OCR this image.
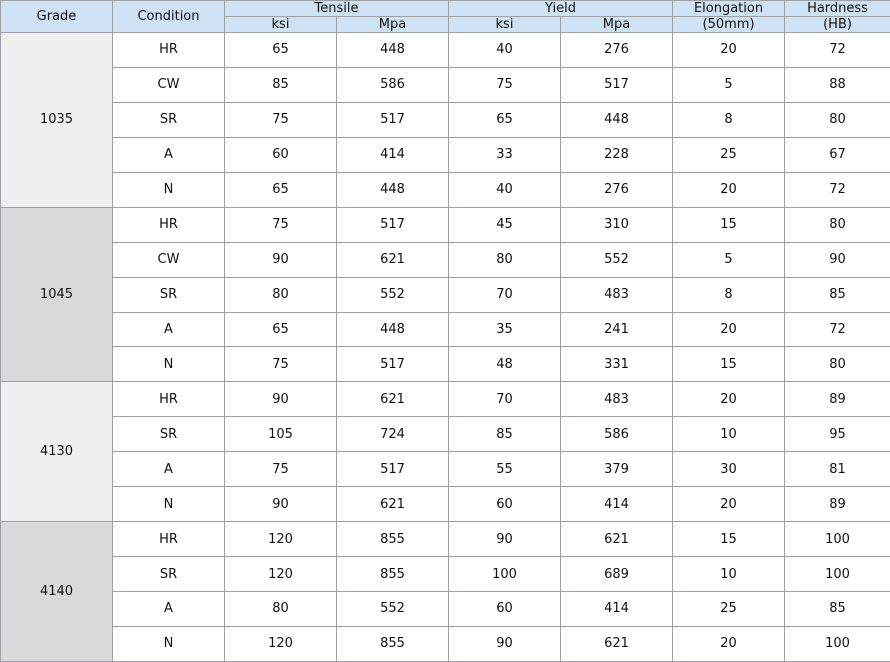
Grade	Condition	Tensile		Yield		Elongation	Hardness
		ksi	Mpa	ksi	Mpa	(50mm)	(HB)
1035	HR	65	448	40	276	20	72
	CW	85	586	75	517	5	88
	SR	75	517	65	448	8	80
	A	60	414	33	228	25	67
	N	65	448	40	276	20	72
1045	HR	75	517	45	310	15	80
	CW	90	621	80	552	5	90
	SR	80	552	70	483	8	85
	A	65	448	35	241	20	72
	N	75	517	48	331	15	80
4130	HR	90	621	70	483	20	89
	SR	105	724	85	586	10	95
	A	75	517	55	379	30	81
	N	90	621	60	414	20	89
4140	HR	120	855	90	621	15	100
	SR	120	855	100	689	10	100
	A	80	552	60	414	25	85
	N	120	855	90	621	20	100
